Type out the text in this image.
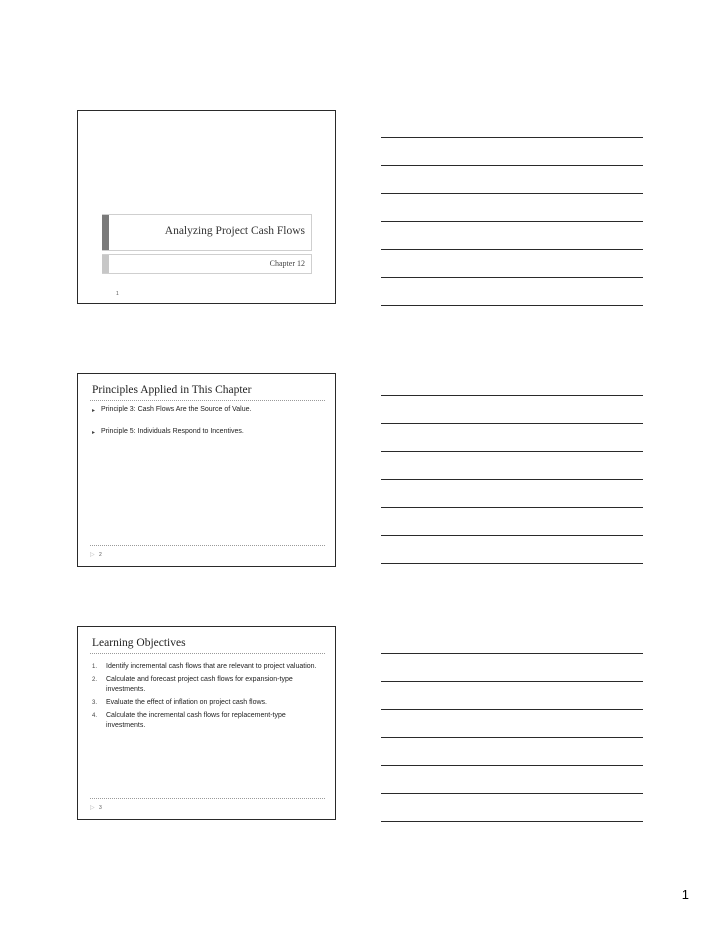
Analyzing Project Cash Flows
Chapter 12
1
Principles Applied in This Chapter
▸ Principle 3: Cash Flows Are the Source of Value.
▸ Principle 5: Individuals Respond to Incentives.
▷ 2
Learning Objectives
1. Identify incremental cash flows that are relevant to project valuation.
2. Calculate and forecast project cash flows for expansion-type investments.
3. Evaluate the effect of inflation on project cash flows.
4. Calculate the incremental cash flows for replacement-type investments.
▷ 3
1
